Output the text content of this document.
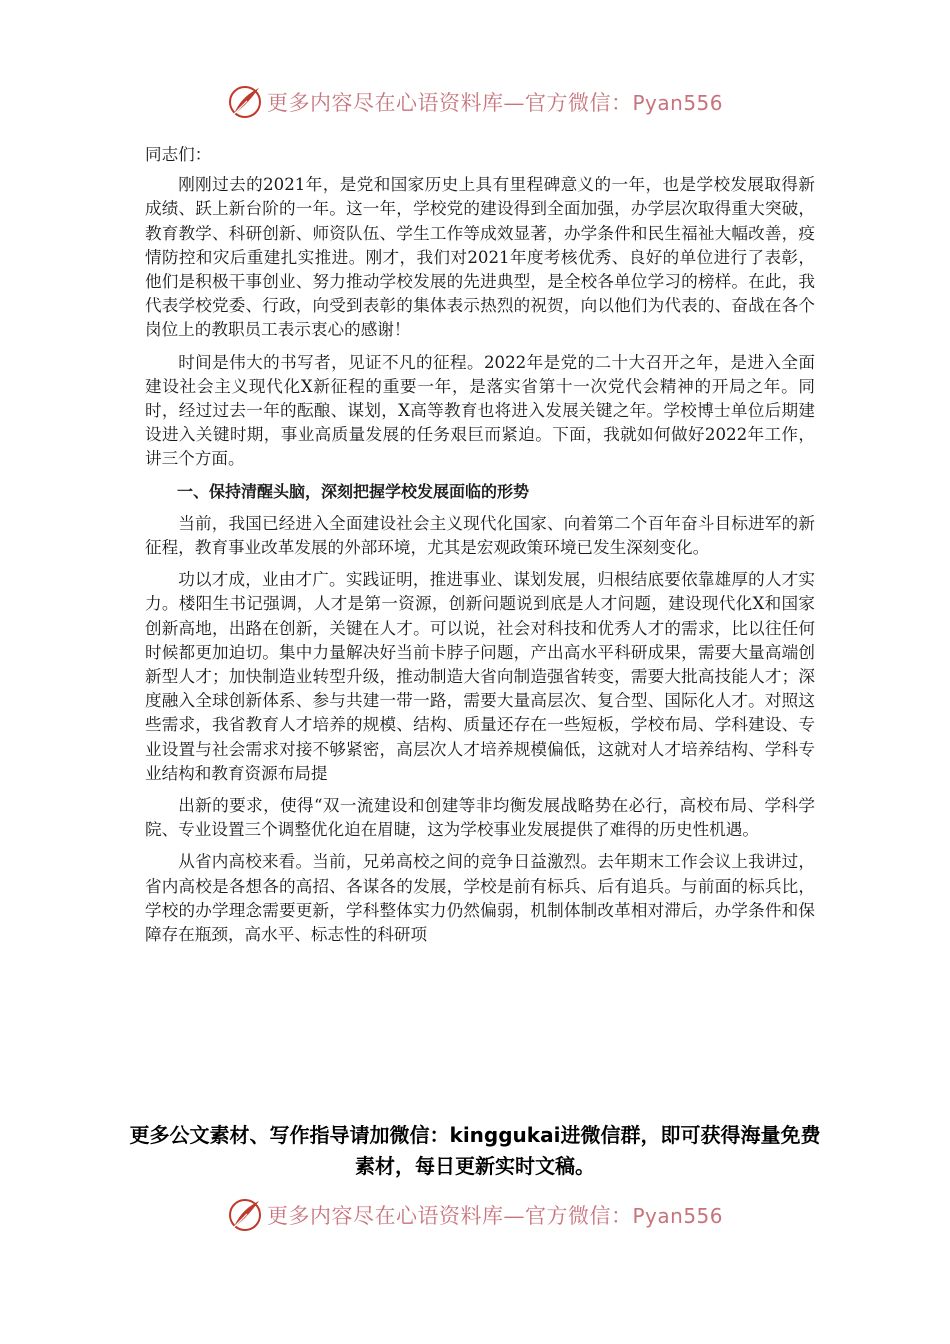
更多内容尽在心语资料库—官方微信：Pyan556

同志们：

刚刚过去的2021年，是党和国家历史上具有里程碑意义的一年，也是学校发展取得新成绩、跃上新台阶的一年。这一年，学校党的建设得到全面加强，办学层次取得重大突破，教育教学、科研创新、师资队伍、学生工作等成效显著，办学条件和民生福祉大幅改善，疫情防控和灾后重建扎实推进。刚才，我们对2021年度考核优秀、良好的单位进行了表彰，他们是积极干事创业、努力推动学校发展的先进典型，是全校各单位学习的榜样。在此，我代表学校党委、行政，向受到表彰的集体表示热烈的祝贺，向以他们为代表的、奋战在各个岗位上的教职员工表示衷心的感谢！

时间是伟大的书写者，见证不凡的征程。2022年是党的二十大召开之年，是进入全面建设社会主义现代化X新征程的重要一年，是落实省第十一次党代会精神的开局之年。同时，经过过去一年的酝酿、谋划，X高等教育也将进入发展关键之年。学校博士单位后期建设进入关键时期，事业高质量发展的任务艰巨而紧迫。下面，我就如何做好2022年工作，讲三个方面。

一、保持清醒头脑，深刻把握学校发展面临的形势

当前，我国已经进入全面建设社会主义现代化国家、向着第二个百年奋斗目标进军的新征程，教育事业改革发展的外部环境，尤其是宏观政策环境已发生深刻变化。

功以才成，业由才广。实践证明，推进事业、谋划发展，归根结底要依靠雄厚的人才实力。楼阳生书记强调，人才是第一资源，创新问题说到底是人才问题，建设现代化X和国家创新高地，出路在创新，关键在人才。可以说，社会对科技和优秀人才的需求，比以往任何时候都更加迫切。集中力量解决好当前卡脖子问题，产出高水平科研成果，需要大量高端创新型人才；加快制造业转型升级，推动制造大省向制造强省转变，需要大批高技能人才；深度融入全球创新体系、参与共建一带一路，需要大量高层次、复合型、国际化人才。对照这些需求，我省教育人才培养的规模、结构、质量还存在一些短板，学校布局、学科建设、专业设置与社会需求对接不够紧密，高层次人才培养规模偏低，这就对人才培养结构、学科专业结构和教育资源布局提

出新的要求，使得“双一流建设和创建等非均衡发展战略势在必行，高校布局、学科学院、专业设置三个调整优化迫在眉睫，这为学校事业发展提供了难得的历史性机遇。

从省内高校来看。当前，兄弟高校之间的竞争日益激烈。去年期末工作会议上我讲过，省内高校是各想各的高招、各谋各的发展，学校是前有标兵、后有追兵。与前面的标兵比，学校的办学理念需要更新，学科整体实力仍然偏弱，机制体制改革相对滞后，办学条件和保障存在瓶颈，高水平、标志性的科研项

更多公文素材、写作指导请加微信：kinggukai进微信群，即可获得海量免费素材，每日更新实时文稿。
更多内容尽在心语资料库—官方微信：Pyan556
